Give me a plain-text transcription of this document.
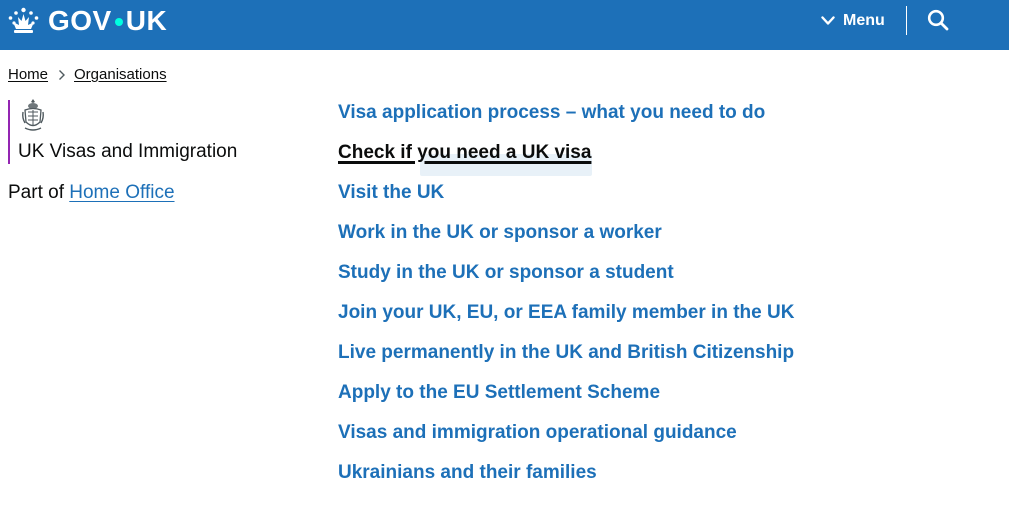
GOV UK	Menu
Home Organisations
UK Visas and Immigration
Part of Home Office
Visa application process – what you need to do
Check if you need a UK visa
Visit the UK
Work in the UK or sponsor a worker
Study in the UK or sponsor a student
Join your UK, EU, or EEA family member in the UK
Live permanently in the UK and British Citizenship
Apply to the EU Settlement Scheme
Visas and immigration operational guidance
Ukrainians and their families
